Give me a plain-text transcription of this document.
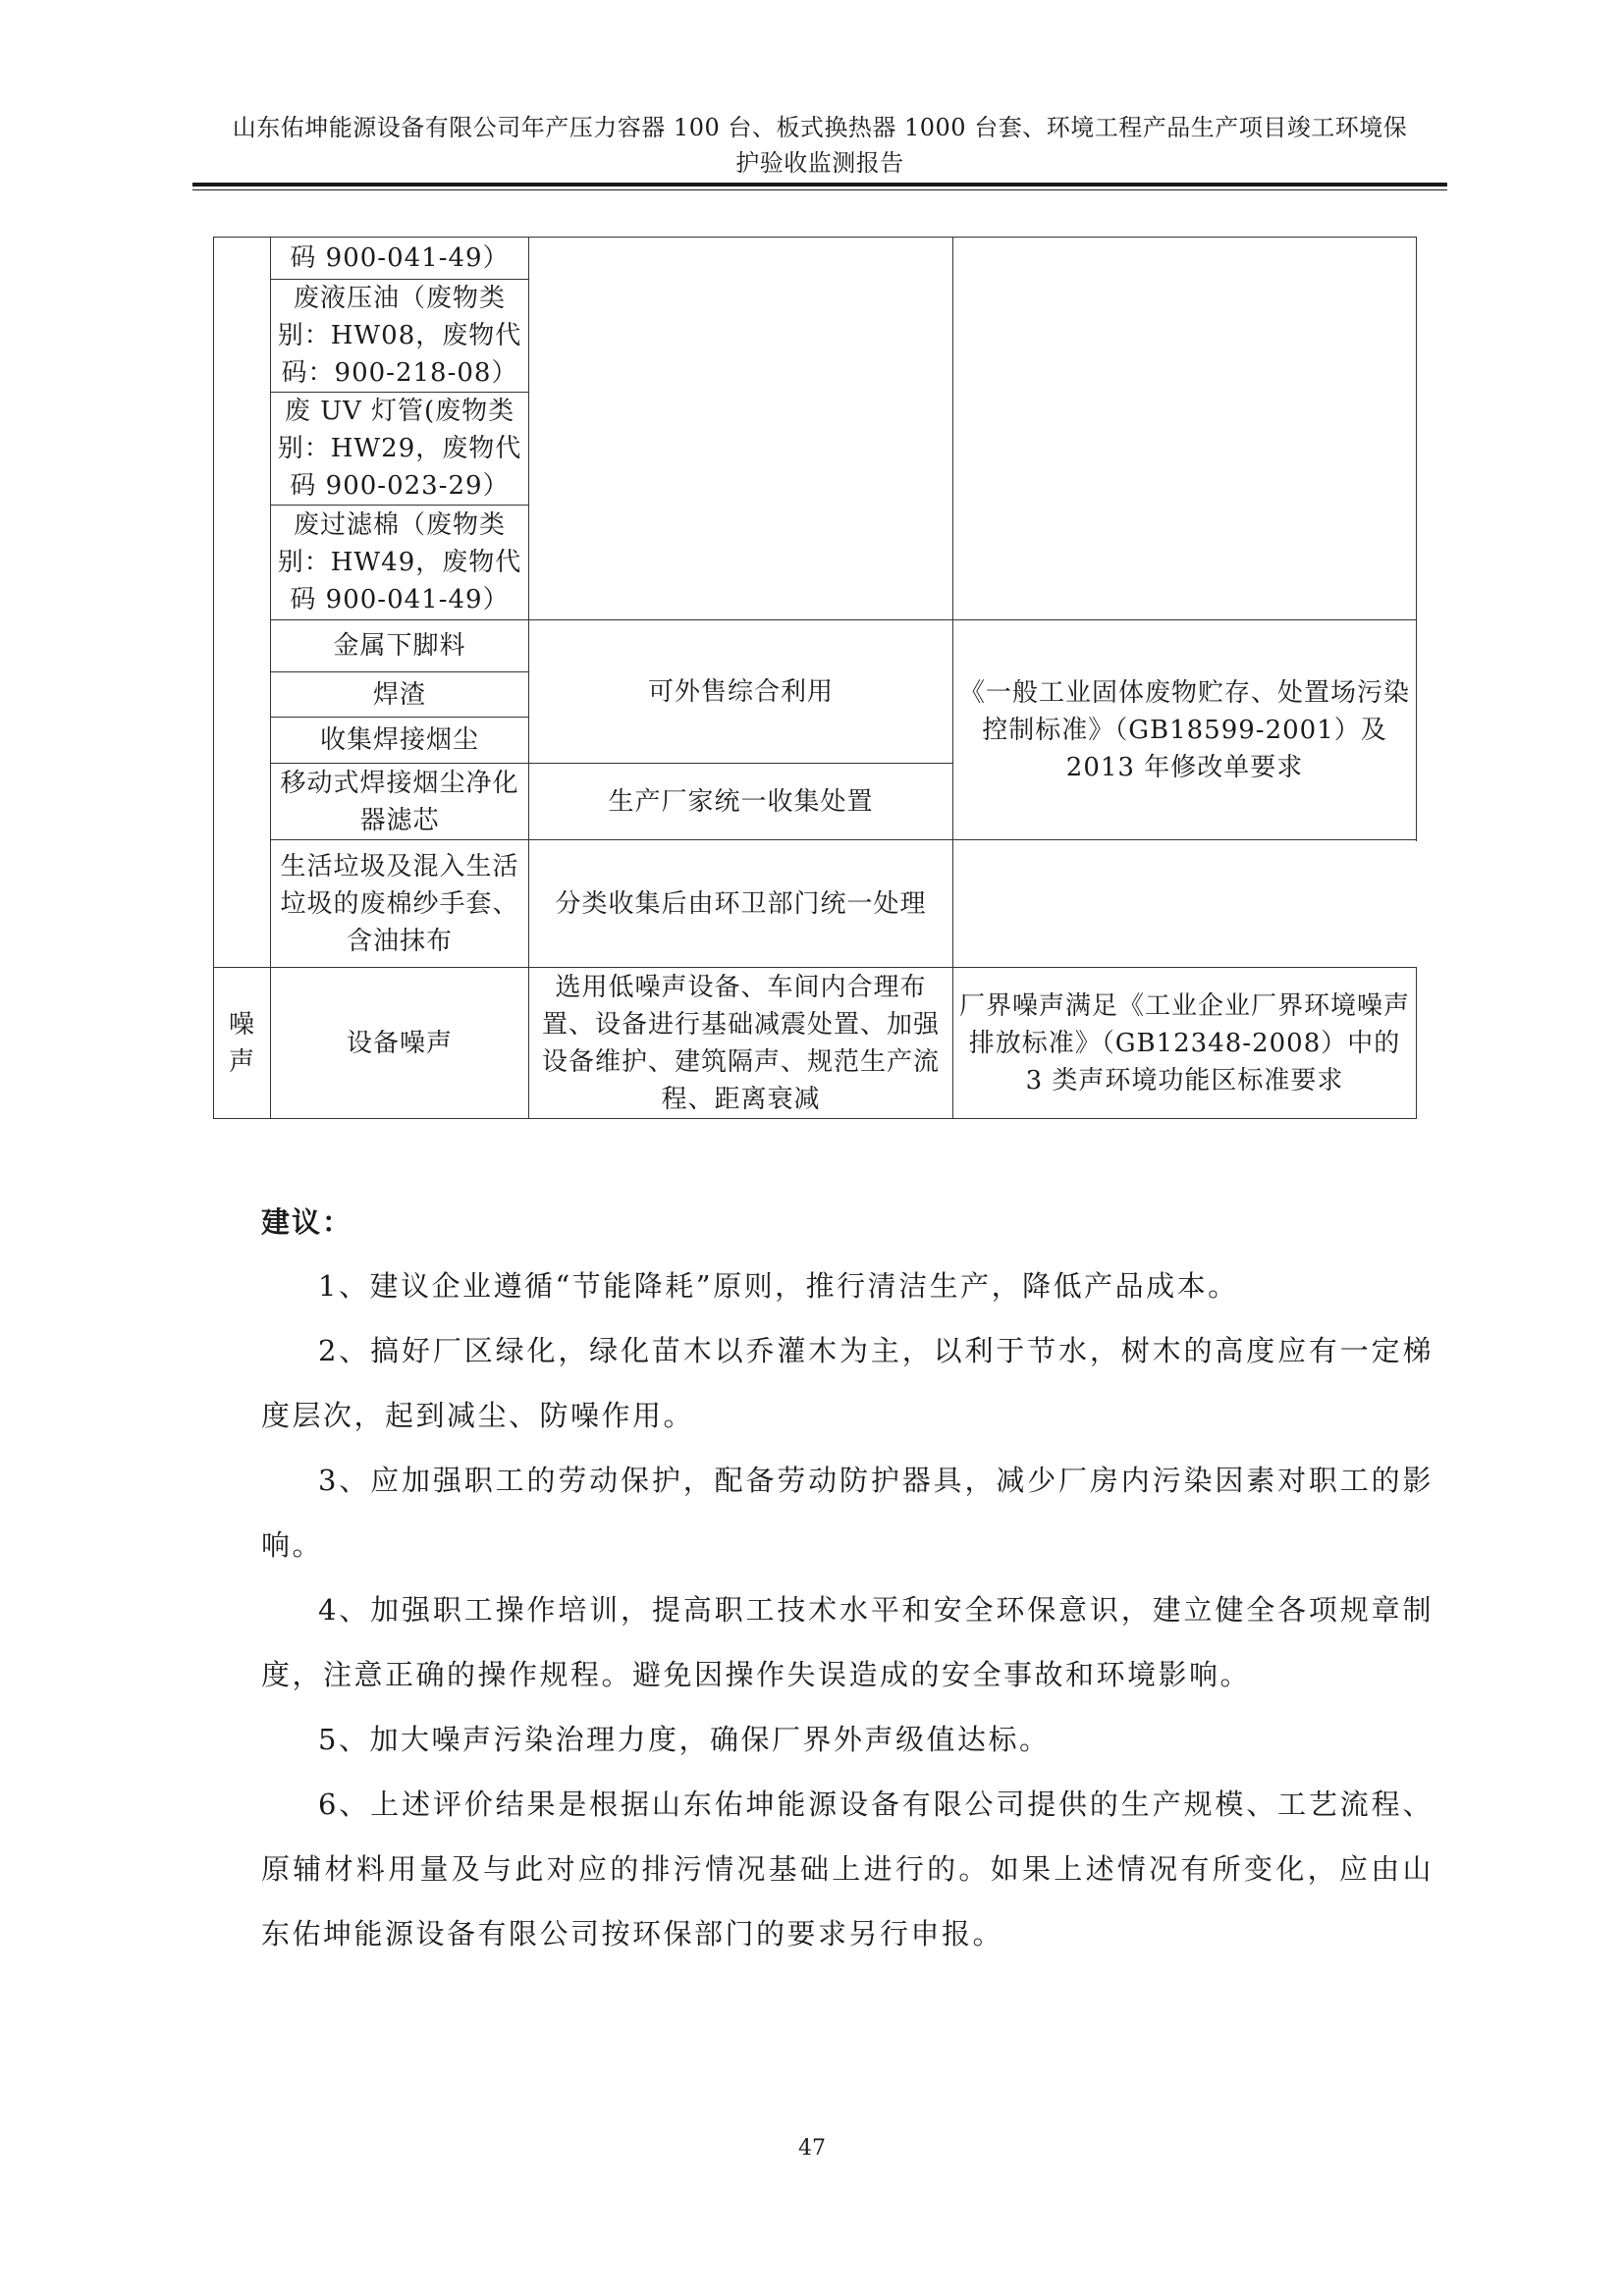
山东佑坤能源设备有限公司年产压力容器 100 台、板式换热器 1000 台套、环境工程产品生产项目竣工环境保
护验收监测报告
	码 900-041-49）		
	废液压油（废物类别：HW08，废物代码：900-218-08）		
	废 UV 灯管(废物类别：HW29，废物代码 900-023-29）		
	废过滤棉（废物类别：HW49，废物代码 900-041-49）		
	金属下脚料	可外售综合利用	《一般工业固体废物贮存、处置场污染控制标准》（GB18599-2001）及 2013 年修改单要求
	焊渣		
	收集焊接烟尘		
	移动式焊接烟尘净化器滤芯	生产厂家统一收集处置	

	生活垃圾及混入生活垃圾的废棉纱手套、含油抹布	分类收集后由环卫部门统一处理	

噪声	设备噪声	选用低噪声设备、车间内合理布置、设备进行基础减震处置、加强设备维护、建筑隔声、规范生产流程、距离衰减	厂界噪声满足《工业企业厂界环境噪声排放标准》（GB12348-2008）中的 3 类声环境功能区标准要求
建议：

1、建议企业遵循“节能降耗”原则，推行清洁生产，降低产品成本。

2、搞好厂区绿化，绿化苗木以乔灌木为主，以利于节水，树木的高度应有一定梯度层次，起到减尘、防噪作用。

3、应加强职工的劳动保护，配备劳动防护器具，减少厂房内污染因素对职工的影响。

4、加强职工操作培训，提高职工技术水平和安全环保意识，建立健全各项规章制度，注意正确的操作规程。避免因操作失误造成的安全事故和环境影响。

5、加大噪声污染治理力度，确保厂界外声级值达标。

6、上述评价结果是根据山东佑坤能源设备有限公司提供的生产规模、工艺流程、原辅材料用量及与此对应的排污情况基础上进行的。如果上述情况有所变化，应由山东佑坤能源设备有限公司按环保部门的要求另行申报。

47
